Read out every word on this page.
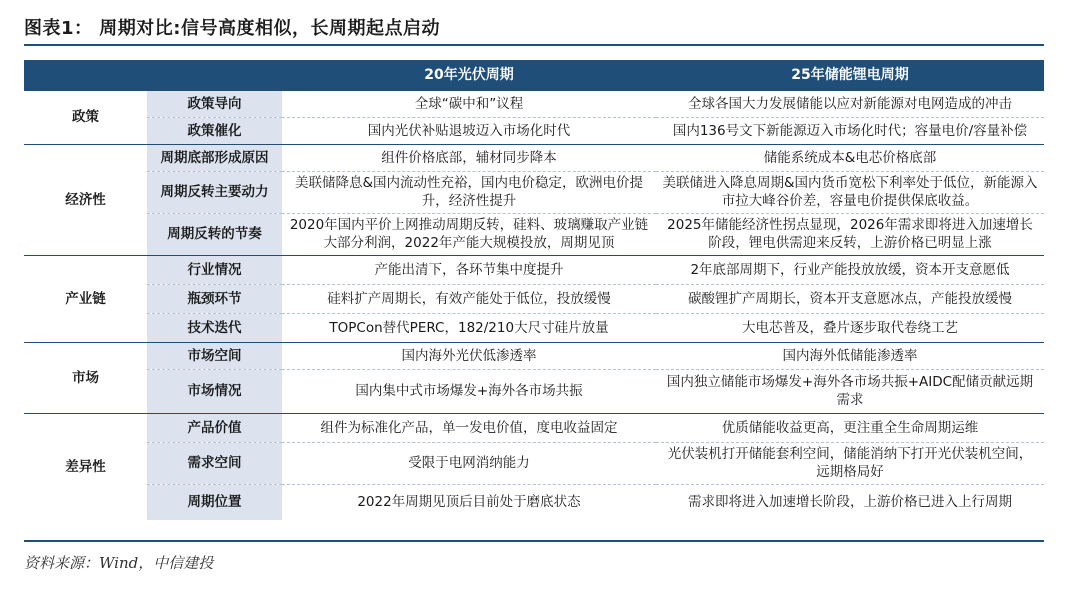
图表1： 周期对比:信号高度相似，长周期起点启动
		20年光伏周期	25年储能锂电周期
政策	政策导向	全球“碳中和”议程	全球各国大力发展储能以应对新能源对电网造成的冲击
	政策催化	国内光伏补贴退坡迈入市场化时代	国内136号文下新能源迈入市场化时代；容量电价/容量补偿
经济性	周期底部形成原因	组件价格底部，辅材同步降本	储能系统成本&电芯价格底部
	周期反转主要动力	美联储降息&国内流动性充裕，国内电价稳定，欧洲电价提升，经济性提升	美联储进入降息周期&国内货币宽松下利率处于低位，新能源入市拉大峰谷价差，容量电价提供保底收益。
	周期反转的节奏	2020年国内平价上网推动周期反转，硅料、玻璃赚取产业链大部分利润，2022年产能大规模投放，周期见顶	2025年储能经济性拐点显现，2026年需求即将进入加速增长阶段，锂电供需迎来反转，上游价格已明显上涨
产业链	行业情况	产能出清下，各环节集中度提升	2年底部周期下，行业产能投放放缓，资本开支意愿低
	瓶颈环节	硅料扩产周期长，有效产能处于低位，投放缓慢	碳酸锂扩产周期长，资本开支意愿冰点，产能投放缓慢
	技术迭代	TOPCon替代PERC，182/210大尺寸硅片放量	大电芯普及，叠片逐步取代卷绕工艺
市场	市场空间	国内海外光伏低渗透率	国内海外低储能渗透率
	市场情况	国内集中式市场爆发+海外各市场共振	国内独立储能市场爆发+海外各市场共振+AIDC配储贡献远期需求
差异性	产品价值	组件为标准化产品，单一发电价值，度电收益固定	优质储能收益更高，更注重全生命周期运维
	需求空间	受限于电网消纳能力	光伏装机打开储能套利空间，储能消纳下打开光伏装机空间，远期格局好
	周期位置	2022年周期见顶后目前处于磨底状态	需求即将进入加速增长阶段，上游价格已进入上行周期
资料来源：Wind，中信建投
